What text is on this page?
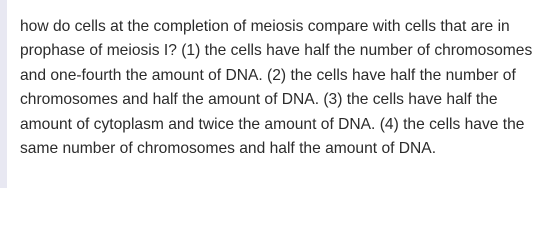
how do cells at the completion of meiosis compare with cells that are in prophase of meiosis I? (1) the cells have half the number of chromosomes and one-fourth the amount of DNA. (2) the cells have half the number of chromosomes and half the amount of DNA. (3) the cells have half the amount of cytoplasm and twice the amount of DNA. (4) the cells have the same number of chromosomes and half the amount of DNA.
